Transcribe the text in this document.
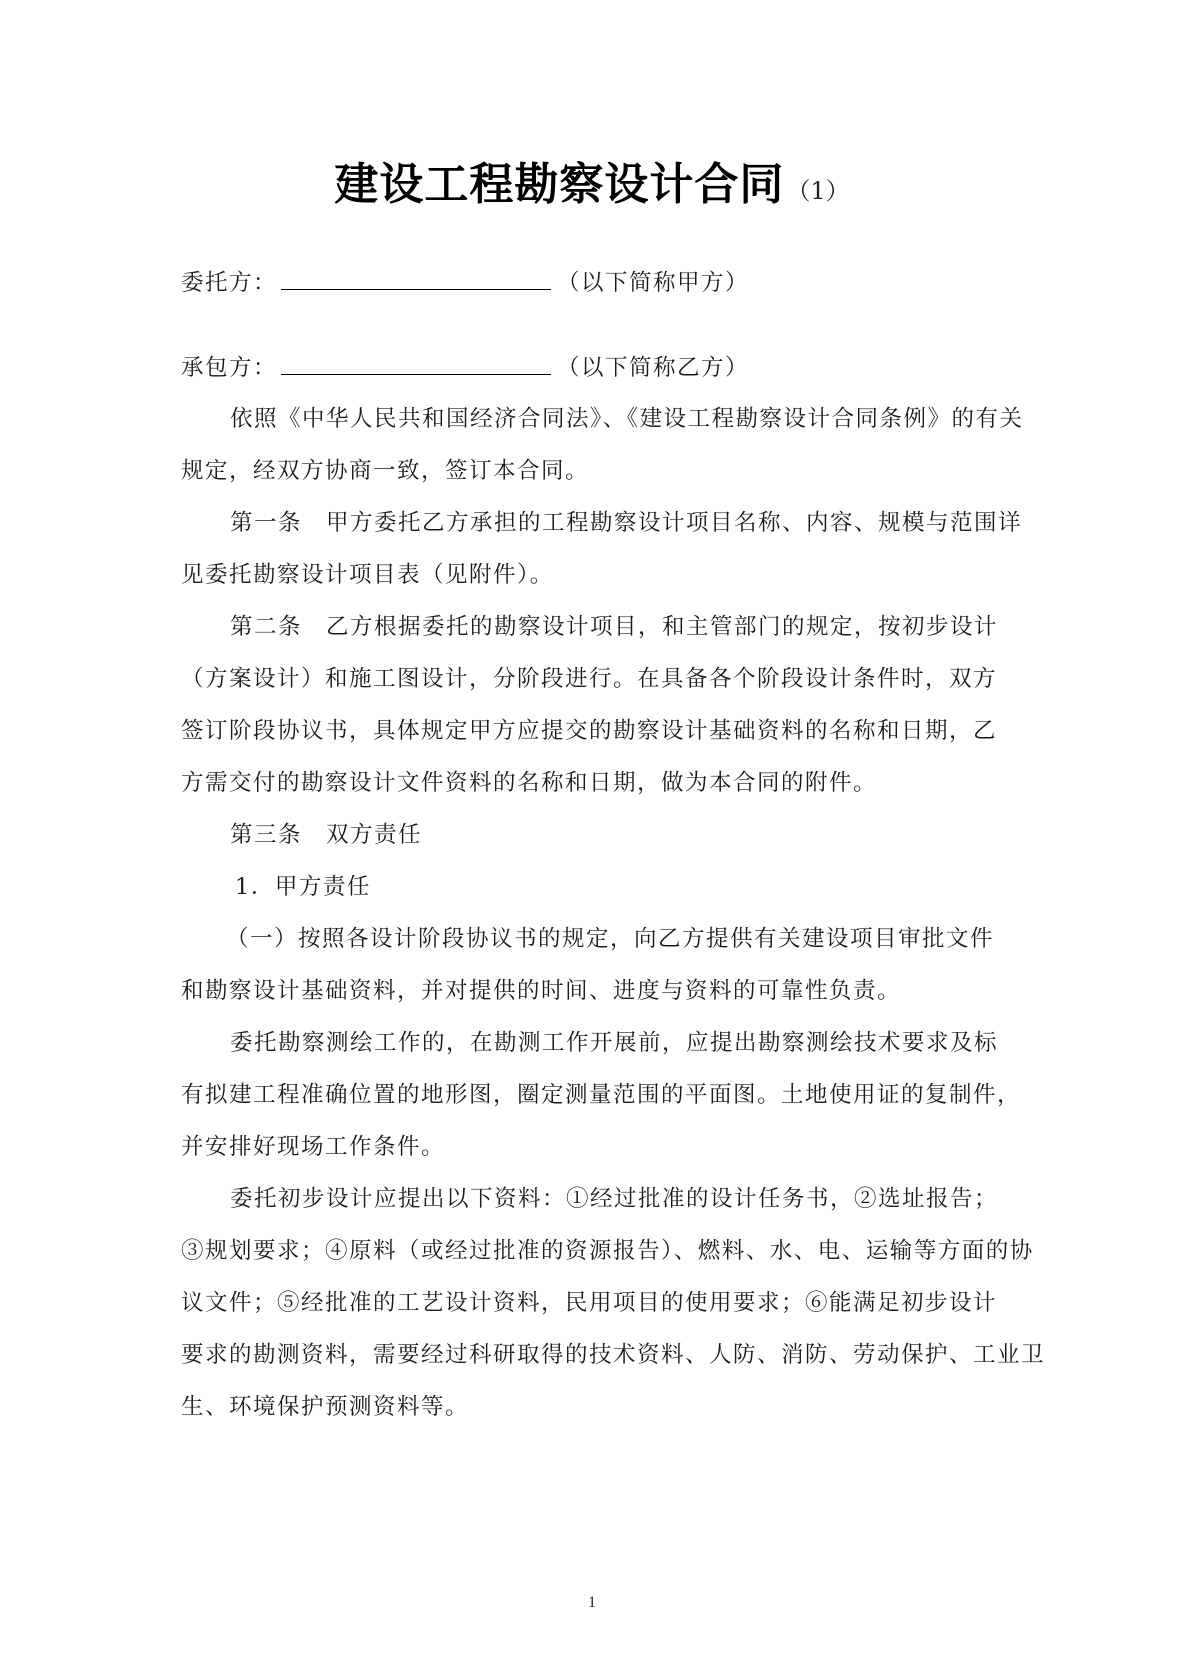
建设工程勘察设计合同（1）
委托方：	（以下简称甲方）
承包方：	（以下简称乙方）
依照《中华人民共和国经济合同法》、《建设工程勘察设计合同条例》的有关
规定，经双方协商一致，签订本合同。
第一条 甲方委托乙方承担的工程勘察设计项目名称、内容、规模与范围详
见委托勘察设计项目表（见附件）。
第二条 乙方根据委托的勘察设计项目，和主管部门的规定，按初步设计
（方案设计）和施工图设计，分阶段进行。在具备各个阶段设计条件时，双方
签订阶段协议书，具体规定甲方应提交的勘察设计基础资料的名称和日期，乙
方需交付的勘察设计文件资料的名称和日期，做为本合同的附件。
第三条 双方责任
1．甲方责任
（一）按照各设计阶段协议书的规定，向乙方提供有关建设项目审批文件
和勘察设计基础资料，并对提供的时间、进度与资料的可靠性负责。
委托勘察测绘工作的，在勘测工作开展前，应提出勘察测绘技术要求及标
有拟建工程准确位置的地形图，圈定测量范围的平面图。土地使用证的复制件，
并安排好现场工作条件。
委托初步设计应提出以下资料：①经过批准的设计任务书，②选址报告；
③规划要求；④原料（或经过批准的资源报告）、燃料、水、电、运输等方面的协
议文件；⑤经批准的工艺设计资料，民用项目的使用要求；⑥能满足初步设计
要求的勘测资料，需要经过科研取得的技术资料、人防、消防、劳动保护、工业卫
生、环境保护预测资料等。
1
